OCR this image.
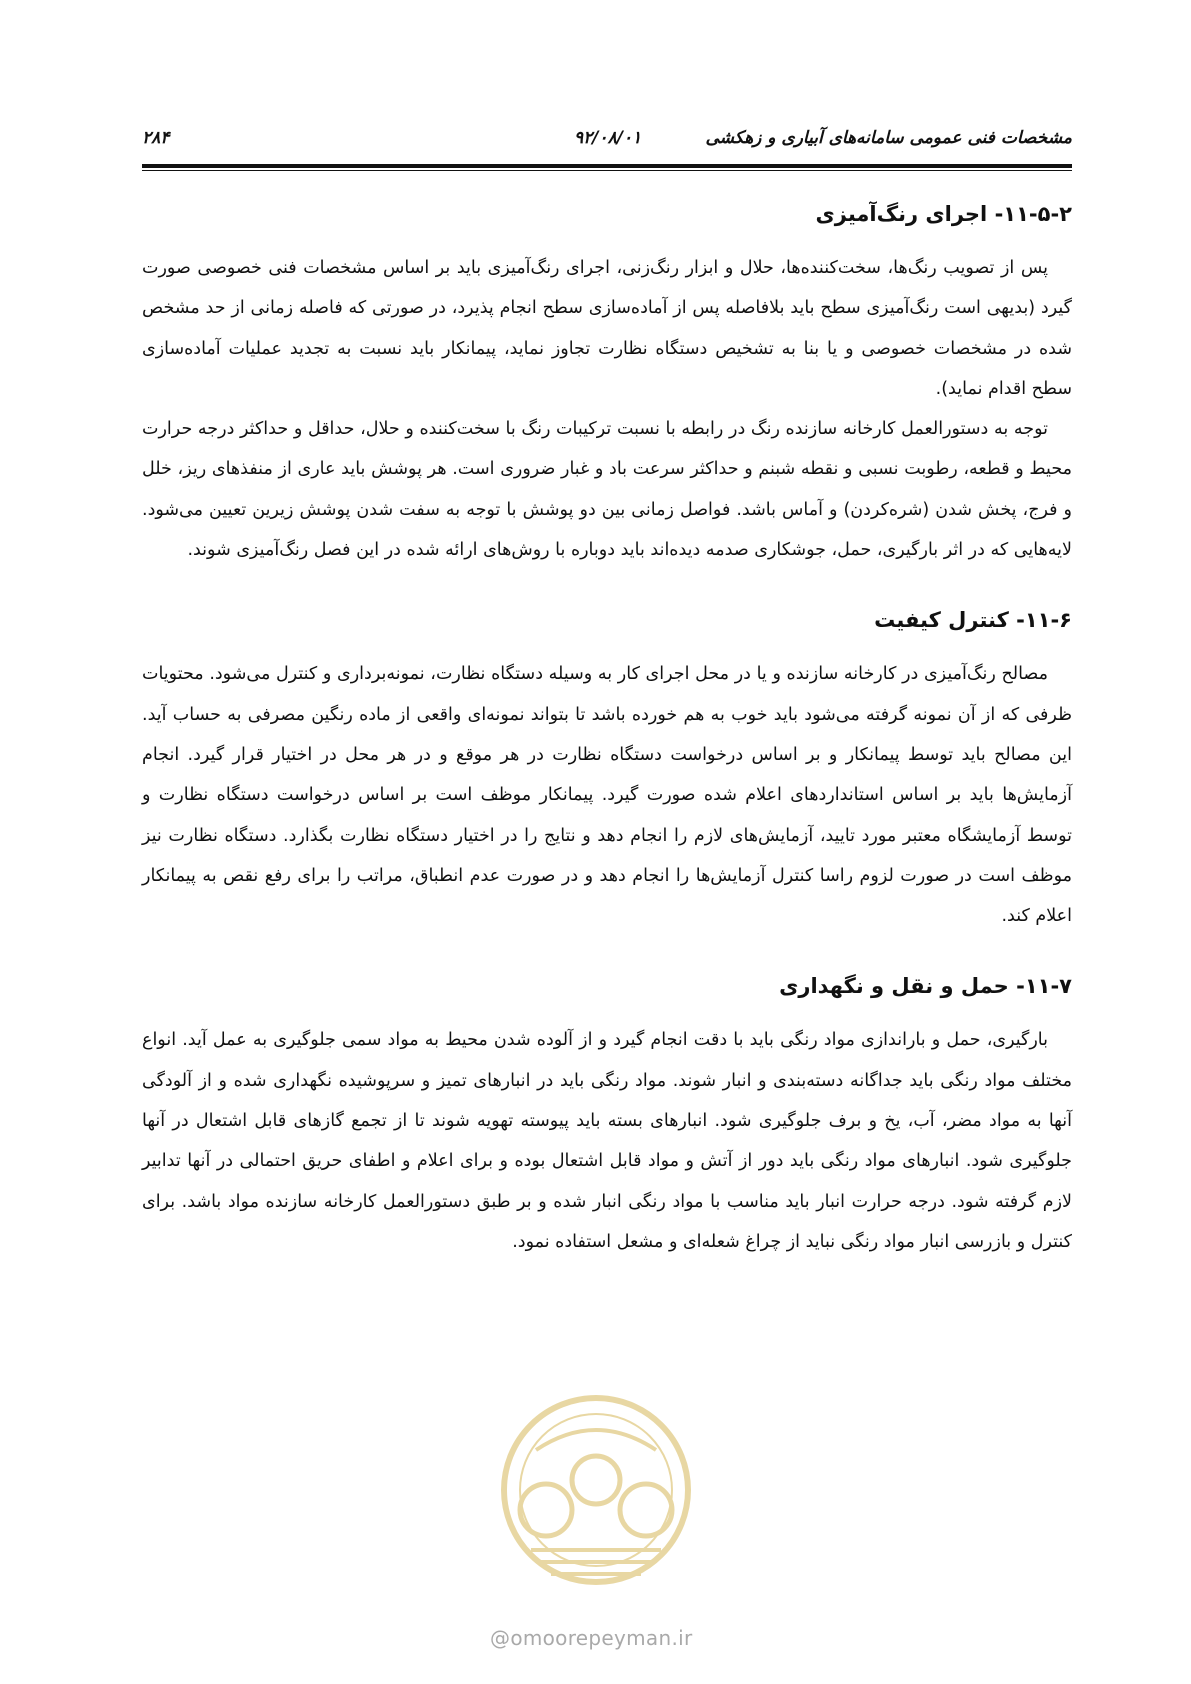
مشخصات فنی عمومی سامانه‌های آبیاری و زهکشی
۹۲/۰۸/۰۱
۲۸۴
۱۱-۵-۲- اجرای رنگ‌آمیزی

پس از تصویب رنگ‌ها، سخت‌کننده‌ها، حلال و ابزار رنگ‌زنی، اجرای رنگ‌آمیزی باید بر اساس مشخصات فنی خصوصی صورت گیرد (بدیهی است رنگ‌آمیزی سطح باید بلافاصله پس از آماده‌سازی سطح انجام پذیرد، در صورتی که فاصله زمانی از حد مشخص شده در مشخصات خصوصی و یا بنا به تشخیص دستگاه نظارت تجاوز نماید، پیمانکار باید نسبت به تجدید عملیات آماده‌سازی سطح اقدام نماید).

توجه به دستورالعمل کارخانه سازنده رنگ در رابطه با نسبت ترکیبات رنگ با سخت‌کننده و حلال، حداقل و حداکثر درجه حرارت محیط و قطعه، رطوبت نسبی و نقطه شبنم و حداکثر سرعت باد و غبار ضروری است. هر پوشش باید عاری از منفذهای ریز، خلل و فرج، پخش شدن (شره‌کردن) و آماس باشد. فواصل زمانی بین دو پوشش با توجه به سفت شدن پوشش زیرین تعیین می‌شود. لایه‌هایی که در اثر بارگیری، حمل، جوشکاری صدمه دیده‌اند باید دوباره با روش‌های ارائه شده در این فصل رنگ‌آمیزی شوند.

۱۱-۶- کنترل کیفیت

مصالح رنگ‌آمیزی در کارخانه سازنده و یا در محل اجرای کار به وسیله دستگاه نظارت، نمونه‌برداری و کنترل می‌شود. محتویات ظرفی که از آن نمونه گرفته می‌شود باید خوب به هم خورده باشد تا بتواند نمونه‌ای واقعی از ماده رنگین مصرفی به حساب آید. این مصالح باید توسط پیمانکار و بر اساس درخواست دستگاه نظارت در هر موقع و در هر محل در اختیار قرار گیرد. انجام آزمایش‌ها باید بر اساس استانداردهای اعلام شده صورت گیرد. پیمانکار موظف است بر اساس درخواست دستگاه نظارت و توسط آزمایشگاه معتبر مورد تایید، آزمایش‌های لازم را انجام دهد و نتایج را در اختیار دستگاه نظارت بگذارد. دستگاه نظارت نیز موظف است در صورت لزوم راسا کنترل آزمایش‌ها را انجام دهد و در صورت عدم انطباق، مراتب را برای رفع نقص به پیمانکار اعلام کند.

۱۱-۷- حمل و نقل و نگهداری

بارگیری، حمل و باراندازی مواد رنگی باید با دقت انجام گیرد و از آلوده شدن محیط به مواد سمی جلوگیری به عمل آید. انواع مختلف مواد رنگی باید جداگانه دسته‌بندی و انبار شوند. مواد رنگی باید در انبارهای تمیز و سرپوشیده نگهداری شده و از آلودگی آنها به مواد مضر، آب، یخ و برف جلوگیری شود. انبارهای بسته باید پیوسته تهویه شوند تا از تجمع گازهای قابل اشتعال در آنها جلوگیری شود. انبارهای مواد رنگی باید دور از آتش و مواد قابل اشتعال بوده و برای اعلام و اطفای حریق احتمالی در آنها تدابیر لازم گرفته شود. درجه حرارت انبار باید مناسب با مواد رنگی انبار شده و بر طبق دستورالعمل کارخانه سازنده مواد باشد. برای کنترل و بازرسی انبار مواد رنگی نباید از چراغ شعله‌ای و مشعل استفاده نمود.

@omoorepeyman.ir
